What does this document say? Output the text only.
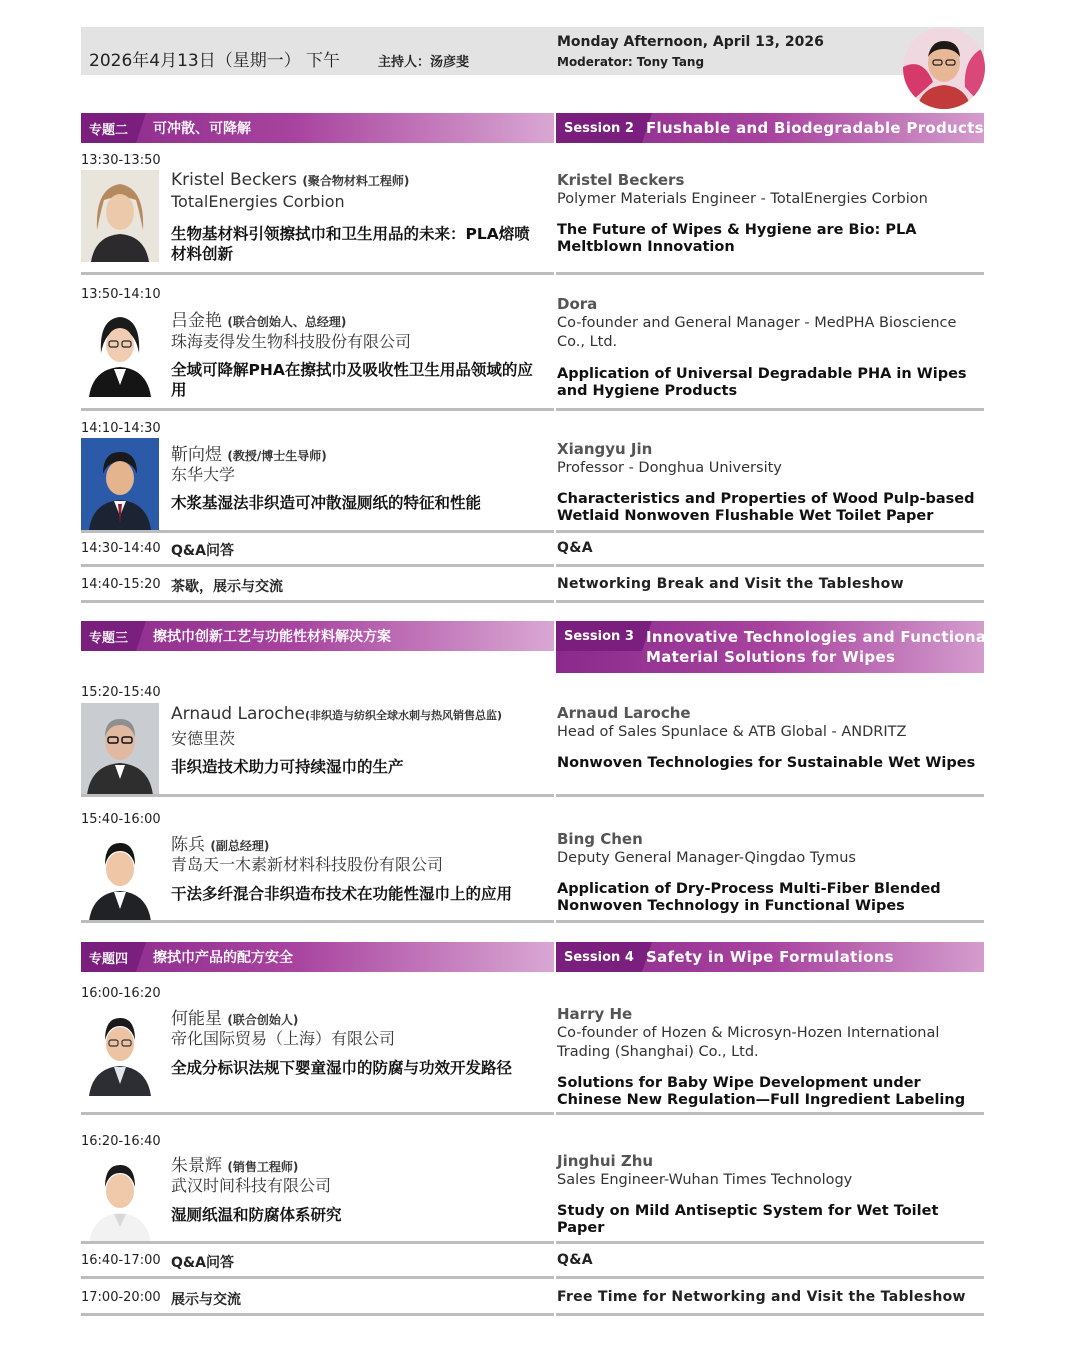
2026年4月13日（星期一） 下午	主持人：汤彦斐
Monday Afternoon, April 13, 2026
Moderator: Tony Tang
专题二	可冲散、可降解	Session 2 Flushable and Biodegradable Products
13:30-13:50
Kristel Beckers (聚合物材料工程师)
TotalEnergies Corbion
生物基材料引领擦拭巾和卫生用品的未来：PLA熔喷材料创新
Kristel Beckers
Polymer Materials Engineer - TotalEnergies Corbion
The Future of Wipes & Hygiene are Bio: PLA Meltblown Innovation
13:50-14:10
吕金艳 (联合创始人、总经理)
珠海麦得发生物科技股份有限公司
全域可降解PHA在擦拭巾及吸收性卫生用品领域的应用
Dora
Co-founder and General Manager - MedPHA Bioscience Co., Ltd.
Application of Universal Degradable PHA in Wipes and Hygiene Products
14:10-14:30
靳向煜 (教授/博士生导师)
东华大学
木浆基湿法非织造可冲散湿厕纸的特征和性能
Xiangyu Jin
Professor - Donghua University
Characteristics and Properties of Wood Pulp-based Wetlaid Nonwoven Flushable Wet Toilet Paper
14:30-14:40 Q&A问答	Q&A
14:40-15:20 茶歇，展示与交流	Networking Break and Visit the Tableshow
专题三	擦拭巾创新工艺与功能性材料解决方案	Session 3 Innovative Technologies and Functional
Material Solutions for Wipes
15:20-15:40
Arnaud Laroche(非织造与纺织全球水刺与热风销售总监)
安德里茨
非织造技术助力可持续湿巾的生产
Arnaud Laroche
Head of Sales Spunlace & ATB Global - ANDRITZ
Nonwoven Technologies for Sustainable Wet Wipes
15:40-16:00
陈兵 (副总经理)
青岛天一木素新材料科技股份有限公司
干法多纤混合非织造布技术在功能性湿巾上的应用
Bing Chen
Deputy General Manager-Qingdao Tymus
Application of Dry-Process Multi-Fiber Blended Nonwoven Technology in Functional Wipes
专题四	擦拭巾产品的配方安全	Session 4 Safety in Wipe Formulations
16:00-16:20
何能星 (联合创始人)
帝化国际贸易（上海）有限公司
全成分标识法规下婴童湿巾的防腐与功效开发路径
Harry He
Co-founder of Hozen & Microsyn-Hozen International Trading (Shanghai) Co., Ltd.
Solutions for Baby Wipe Development under Chinese New Regulation—Full Ingredient Labeling
16:20-16:40
朱景辉 (销售工程师)
武汉时间科技有限公司
湿厕纸温和防腐体系研究
Jinghui Zhu
Sales Engineer-Wuhan Times Technology
Study on Mild Antiseptic System for Wet Toilet Paper
16:40-17:00 Q&A问答	Q&A
17:00-20:00 展示与交流	Free Time for Networking and Visit the Tableshow
